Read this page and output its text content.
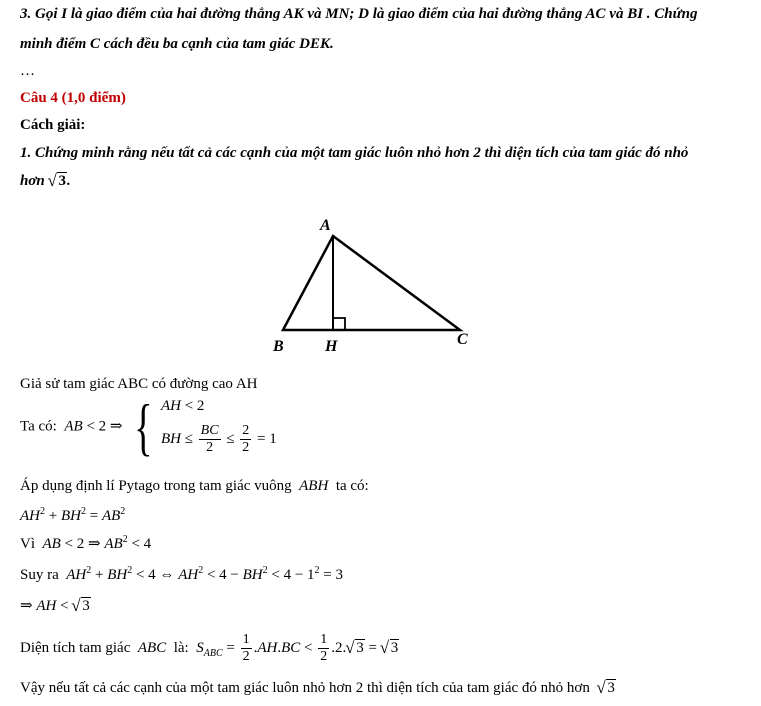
3. Gọi I là giao điểm của hai đường thẳng AK và MN; D là giao điểm của hai đường thẳng AC và BI . Chứng
minh điểm C cách đều ba cạnh của tam giác DEK.
…
Câu 4 (1,0 điểm)
Cách giải:
1. Chứng minh rằng nếu tất cả các cạnh của một tam giác luôn nhỏ hơn 2 thì diện tích của tam giác đó nhỏ
hơn √ 3.
A
B	H	C
Giả sử tam giác ABC có đường cao AH
Ta có: AB < 2 ⇒ { AH < 2
BH ≤ $\frac{BC}{2} \le \frac{2}{2} = 1$
Áp dụng định lí Pytago trong tam giác vuông ABH ta có:
$AH^2 + BH^2 = AB^2$
Vì AB < 2 ⇒ $AB^2 < 4$
Suy ra $AH^2 + BH^2 < 4$ ⇔ $AH^2 < 4 - BH^2 < 4 - 1^2 = 3$
⇒ AH < √ 3
Diện tích tam giác ABC là: $S_{ABC} = \frac{1}{2} .AH.BC < \frac{1}{2} .2.√$ 3 = √ 3
Vậy nếu tất cả các cạnh của một tam giác luôn nhỏ hơn 2 thì diện tích của tam giác đó nhỏ hơn  √ 3
